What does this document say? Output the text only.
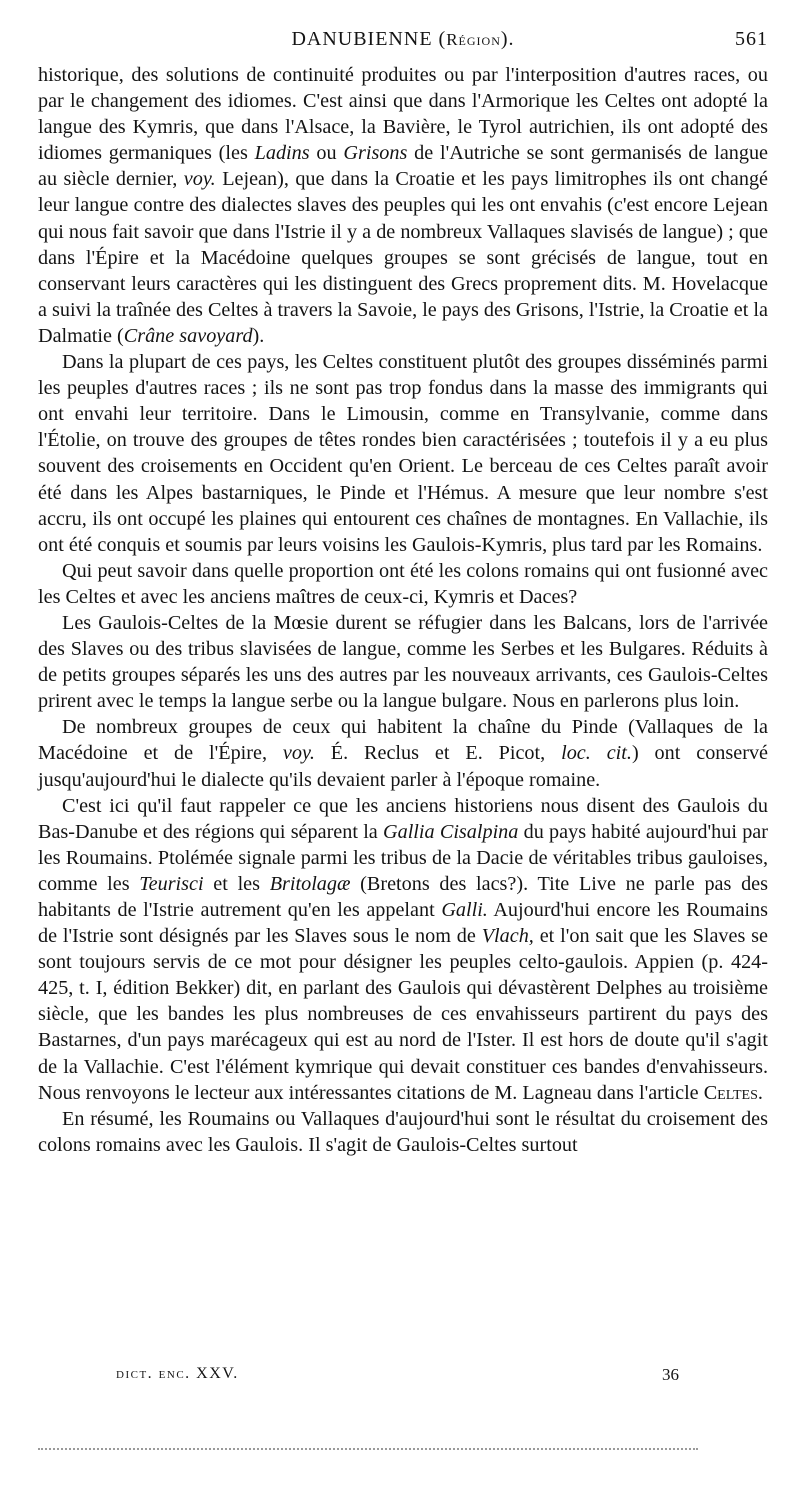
DANUBIENNE (Région).	561

historique, des solutions de continuité produites ou par l'interposition d'autres races, ou par le changement des idiomes. C'est ainsi que dans l'Armorique les Celtes ont adopté la langue des Kymris, que dans l'Alsace, la Bavière, le Tyrol autrichien, ils ont adopté des idiomes germaniques (les Ladins ou Grisons de l'Autriche se sont germanisés de langue au siècle dernier, voy. Lejean), que dans la Croatie et les pays limitrophes ils ont changé leur langue contre des dialectes slaves des peuples qui les ont envahis (c'est encore Lejean qui nous fait savoir que dans l'Istrie il y a de nombreux Vallaques slavisés de langue) ; que dans l'Épire et la Macédoine quelques groupes se sont grécisés de langue, tout en conservant leurs caractères qui les distinguent des Grecs proprement dits. M. Hovelacque a suivi la traînée des Celtes à travers la Savoie, le pays des Grisons, l'Istrie, la Croatie et la Dalmatie (Crâne savoyard).

Dans la plupart de ces pays, les Celtes constituent plutôt des groupes disséminés parmi les peuples d'autres races ; ils ne sont pas trop fondus dans la masse des immigrants qui ont envahi leur territoire. Dans le Limousin, comme en Transylvanie, comme dans l'Étolie, on trouve des groupes de têtes rondes bien caractérisées ; toutefois il y a eu plus souvent des croisements en Occident qu'en Orient. Le berceau de ces Celtes paraît avoir été dans les Alpes bastarniques, le Pinde et l'Hémus. A mesure que leur nombre s'est accru, ils ont occupé les plaines qui entourent ces chaînes de montagnes. En Vallachie, ils ont été conquis et soumis par leurs voisins les Gaulois-Kymris, plus tard par les Romains.

Qui peut savoir dans quelle proportion ont été les colons romains qui ont fusionné avec les Celtes et avec les anciens maîtres de ceux-ci, Kymris et Daces?

Les Gaulois-Celtes de la Mœsie durent se réfugier dans les Balcans, lors de l'arrivée des Slaves ou des tribus slavisées de langue, comme les Serbes et les Bulgares. Réduits à de petits groupes séparés les uns des autres par les nouveaux arrivants, ces Gaulois-Celtes prirent avec le temps la langue serbe ou la langue bulgare. Nous en parlerons plus loin.

De nombreux groupes de ceux qui habitent la chaîne du Pinde (Vallaques de la Macédoine et de l'Épire, voy. É. Reclus et E. Picot, loc. cit.) ont conservé jusqu'aujourd'hui le dialecte qu'ils devaient parler à l'époque romaine.

C'est ici qu'il faut rappeler ce que les anciens historiens nous disent des Gaulois du Bas-Danube et des régions qui séparent la Gallia Cisalpina du pays habité aujourd'hui par les Roumains. Ptolémée signale parmi les tribus de la Dacie de véritables tribus gauloises, comme les Teurisci et les Britolagæ (Bretons des lacs?). Tite Live ne parle pas des habitants de l'Istrie autrement qu'en les appelant Galli. Aujourd'hui encore les Roumains de l'Istrie sont désignés par les Slaves sous le nom de Vlach, et l'on sait que les Slaves se sont toujours servis de ce mot pour désigner les peuples celto-gaulois. Appien (p. 424-425, t. I, édition Bekker) dit, en parlant des Gaulois qui dévastèrent Delphes au troisième siècle, que les bandes les plus nombreuses de ces envahisseurs partirent du pays des Bastarnes, d'un pays marécageux qui est au nord de l'Ister. Il est hors de doute qu'il s'agit de la Vallachie. C'est l'élément kymrique qui devait constituer ces bandes d'envahisseurs. Nous renvoyons le lecteur aux intéressantes citations de M. Lagneau dans l'article Celtes.

En résumé, les Roumains ou Vallaques d'aujourd'hui sont le résultat du croisement des colons romains avec les Gaulois. Il s'agit de Gaulois-Celtes surtout

dict. enc. XXV.	36
